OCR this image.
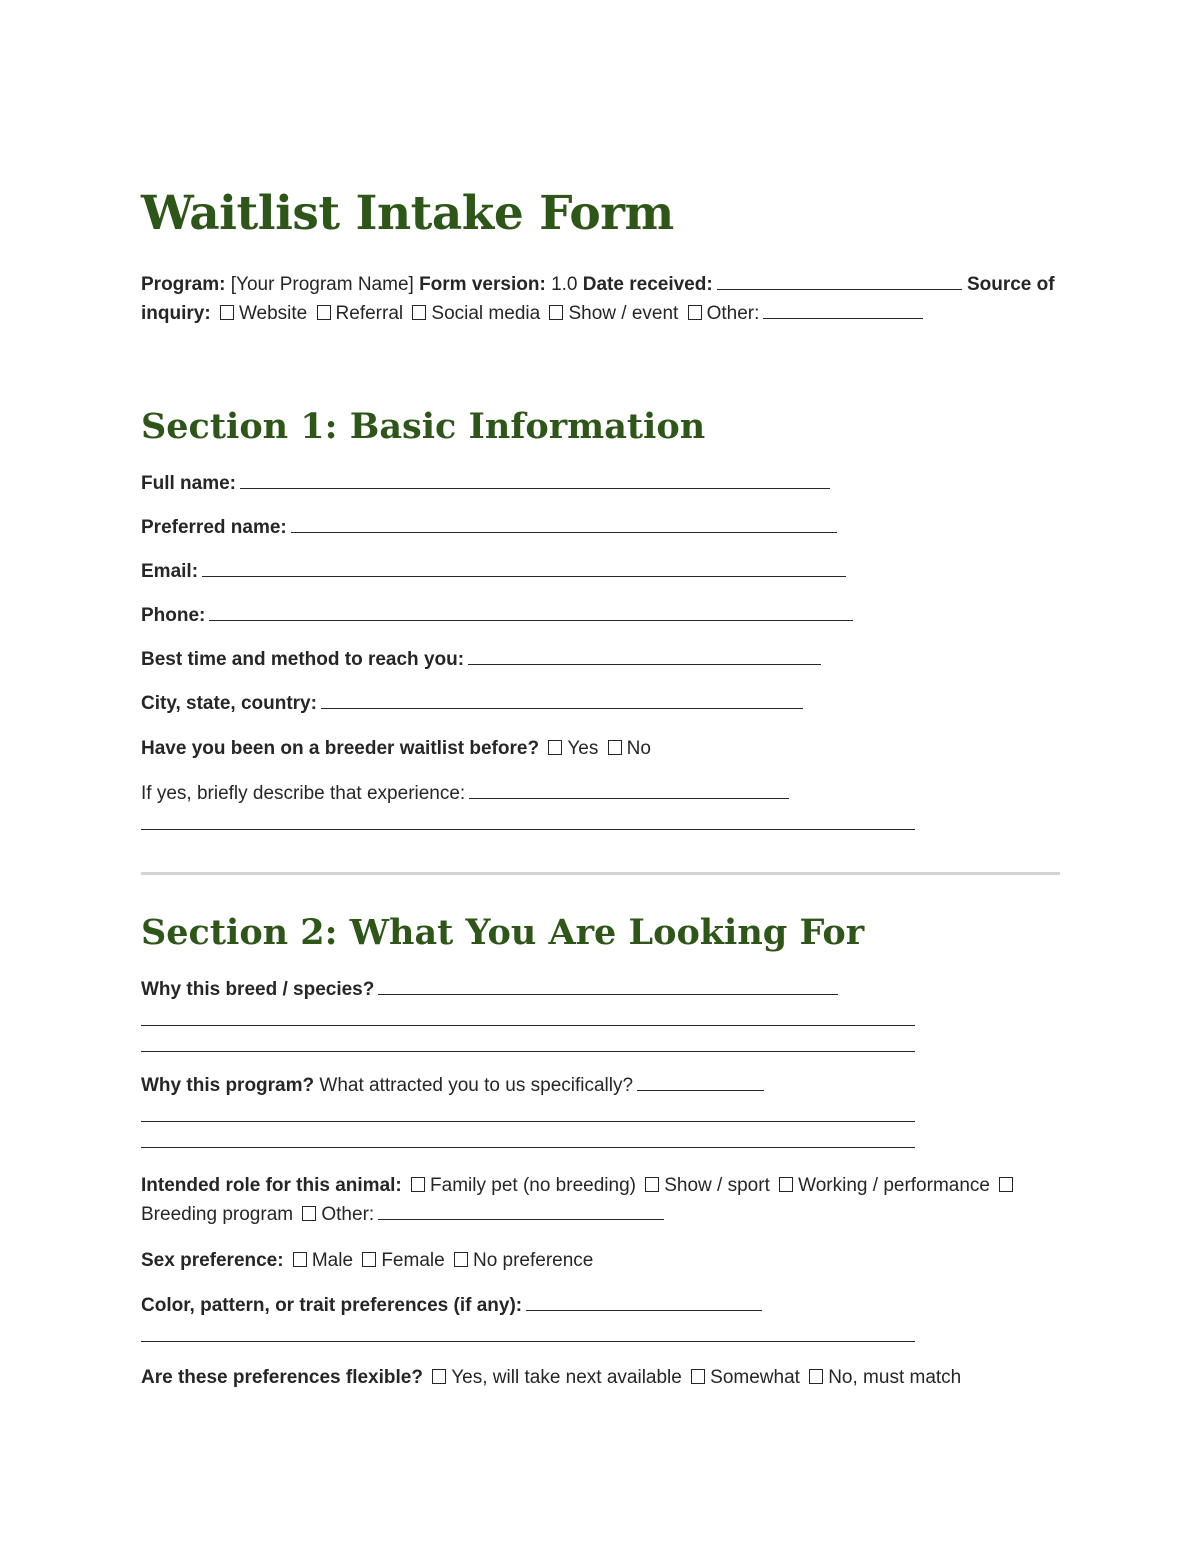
Waitlist Intake Form
Program: [Your Program Name] Form version: 1.0 Date received:	Source of inquiry: Website Referral Social media Show / event Other:
Section 1: Basic Information
Full name:
Preferred name:
Email:
Phone:
Best time and method to reach you:
City, state, country:
Have you been on a breeder waitlist before? Yes No
If yes, briefly describe that experience:
Section 2: What You Are Looking For
Why this breed / species?
Why this program? What attracted you to us specifically?
Intended role for this animal: Family pet (no breeding) Show / sport Working / performance Breeding program Other:
Sex preference: Male Female No preference
Color, pattern, or trait preferences (if any):
Are these preferences flexible? Yes, will take next available Somewhat No, must match
